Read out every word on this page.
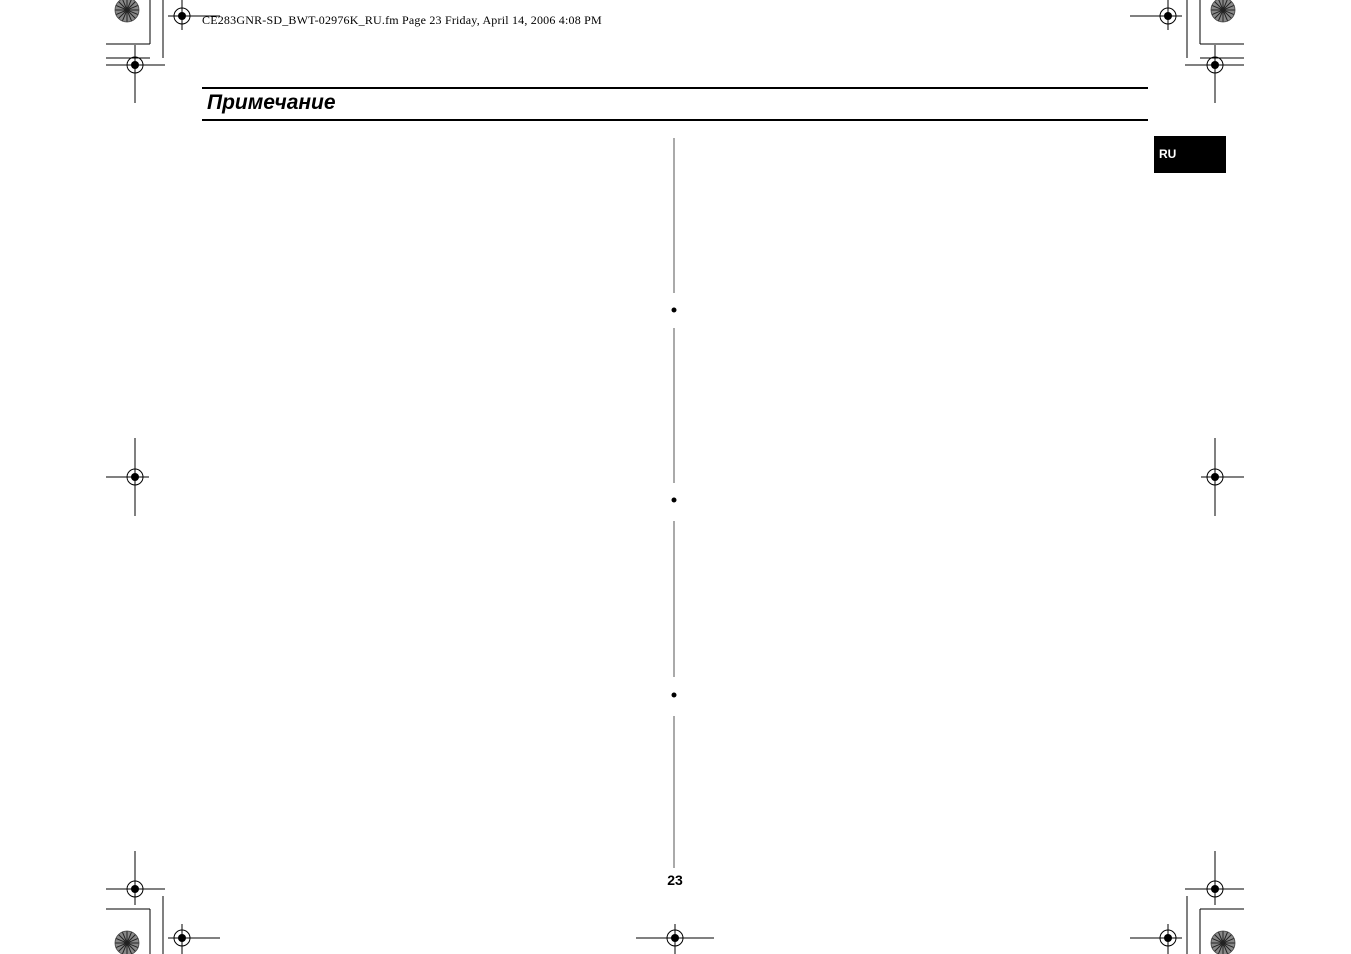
CE283GNR-SD_BWT-02976K_RU.fm Page 23 Friday, April 14, 2006 4:08 PM
Примечание
RU
23
